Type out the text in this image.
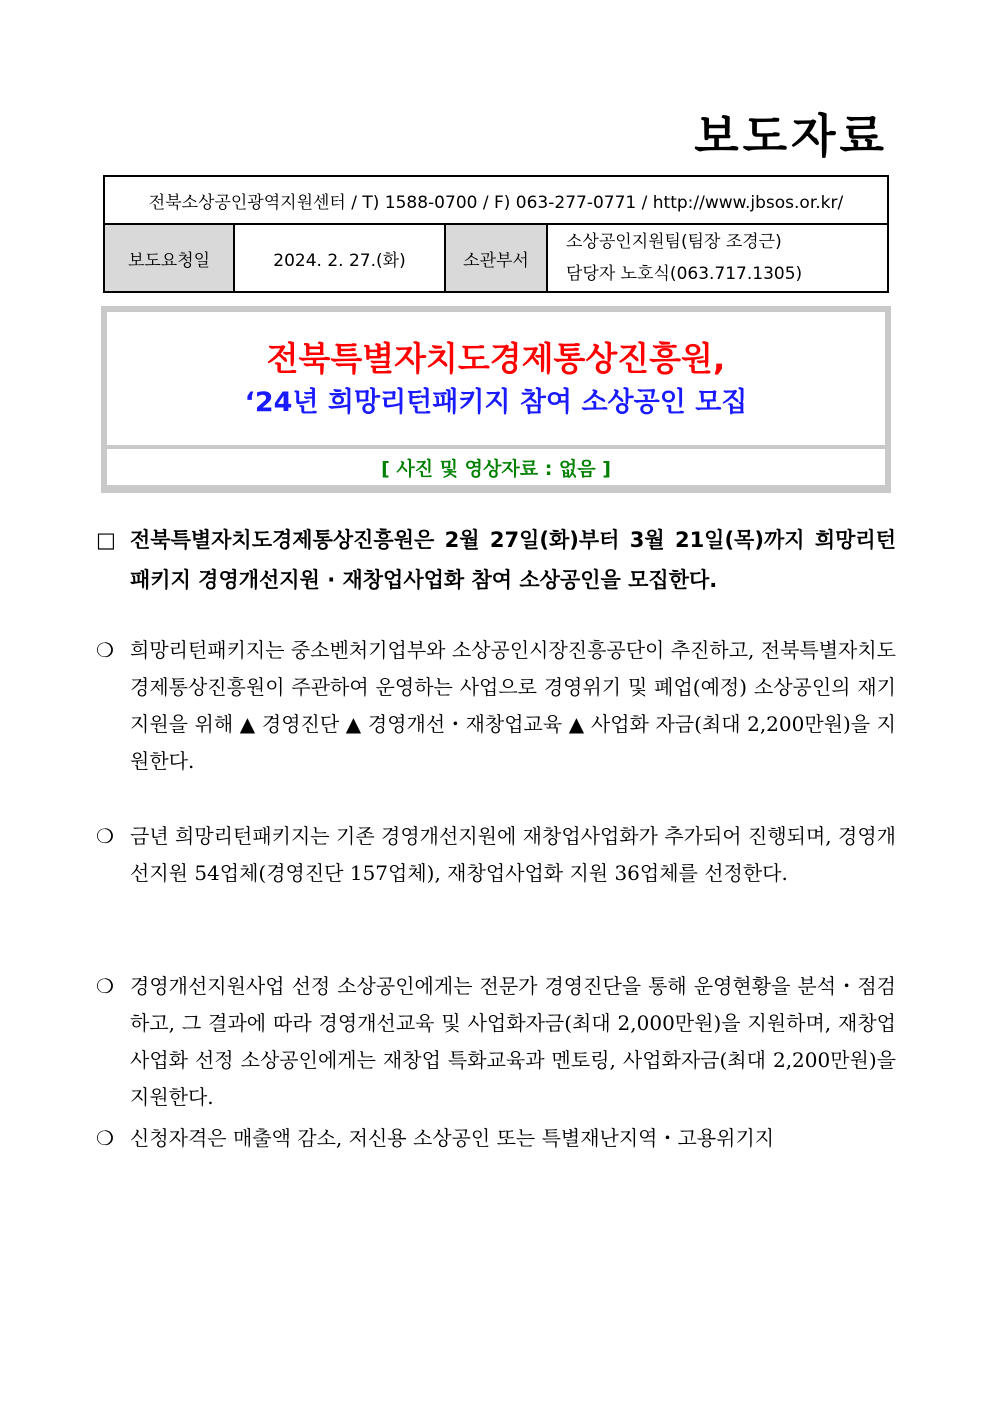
보도자료
전북소상공인광역지원센터 / T) 1588-0700 / F) 063-277-0771 / http://www.jbsos.or.kr/
보도요청일	2024. 2. 27.(화)	소관부서
소상공인지원팀(팀장 조경근)
담당자 노호식(063.717.1305)
전북특별자치도경제통상진흥원,
‘24년 희망리턴패키지 참여 소상공인 모집
[ 사진 및 영상자료 : 없음 ]
□ 전북특별자치도경제통상진흥원은 2월 27일(화)부터 3월 21일(목)까지 희망리턴패키지 경영개선지원 · 재창업사업화 참여 소상공인을 모집한다.
❍ 희망리턴패키지는 중소벤처기업부와 소상공인시장진흥공단이 추진하고, 전북특별자치도경제통상진흥원이 주관하여 운영하는 사업으로 경영위기 및 폐업(예정) 소상공인의 재기지원을 위해 ▲ 경영진단 ▲ 경영개선・재창업교육 ▲ 사업화 자금(최대 2,200만원)을 지원한다.
❍ 금년 희망리턴패키지는 기존 경영개선지원에 재창업사업화가 추가되어 진행되며, 경영개선지원 54업체(경영진단 157업체), 재창업사업화 지원 36업체를 선정한다.
❍ 경영개선지원사업 선정 소상공인에게는 전문가 경영진단을 통해 운영현황을 분석・점검하고, 그 결과에 따라 경영개선교육 및 사업화자금(최대 2,000만원)을 지원하며, 재창업사업화 선정 소상공인에게는 재창업 특화교육과 멘토링, 사업화자금(최대 2,200만원)을 지원한다.
❍ 신청자격은 매출액 감소, 저신용 소상공인 또는 특별재난지역・고용위기지
